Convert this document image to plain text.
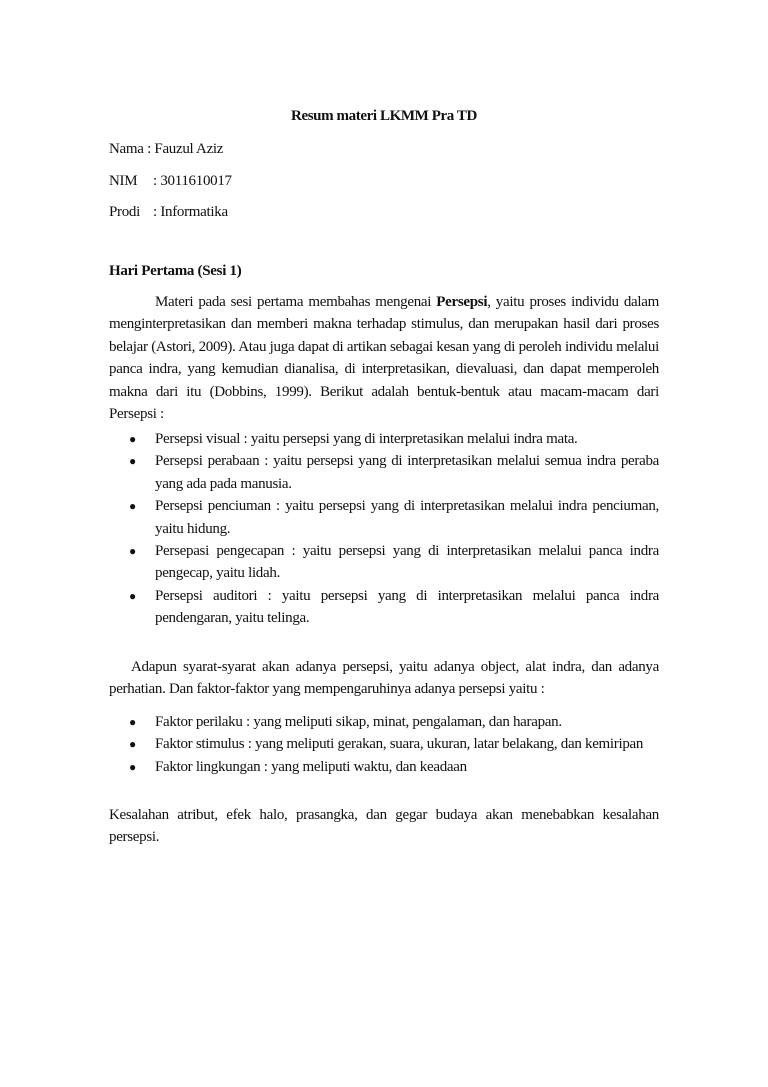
Resum materi LKMM Pra TD
Nama : Fauzul Aziz
NIM : 3011610017
Prodi : Informatika
Hari Pertama (Sesi 1)

Materi pada sesi pertama membahas mengenai Persepsi, yaitu proses individu dalam menginterpretasikan dan memberi makna terhadap stimulus, dan merupakan hasil dari proses belajar (Astori, 2009). Atau juga dapat di artikan sebagai kesan yang di peroleh individu melalui panca indra, yang kemudian dianalisa, di interpretasikan, dievaluasi, dan dapat memperoleh makna dari itu (Dobbins, 1999). Berikut adalah bentuk-bentuk atau macam-macam dari Persepsi :

● Persepsi visual : yaitu persepsi yang di interpretasikan melalui indra mata.
● Persepsi perabaan : yaitu persepsi yang di interpretasikan melalui semua indra peraba yang ada pada manusia.
● Persepsi penciuman : yaitu persepsi yang di interpretasikan melalui indra penciuman, yaitu hidung.
● Persepasi pengecapan : yaitu persepsi yang di interpretasikan melalui panca indra pengecap, yaitu lidah.
● Persepsi auditori : yaitu persepsi yang di interpretasikan melalui panca indra pendengaran, yaitu telinga.

Adapun syarat-syarat akan adanya persepsi, yaitu adanya object, alat indra, dan adanya perhatian. Dan faktor-faktor yang mempengaruhinya adanya persepsi yaitu :

● Faktor perilaku : yang meliputi sikap, minat, pengalaman, dan harapan.
● Faktor stimulus : yang meliputi gerakan, suara, ukuran, latar belakang, dan kemiripan
● Faktor lingkungan : yang meliputi waktu, dan keadaan

Kesalahan atribut, efek halo, prasangka, dan gegar budaya akan menebabkan kesalahan persepsi.
